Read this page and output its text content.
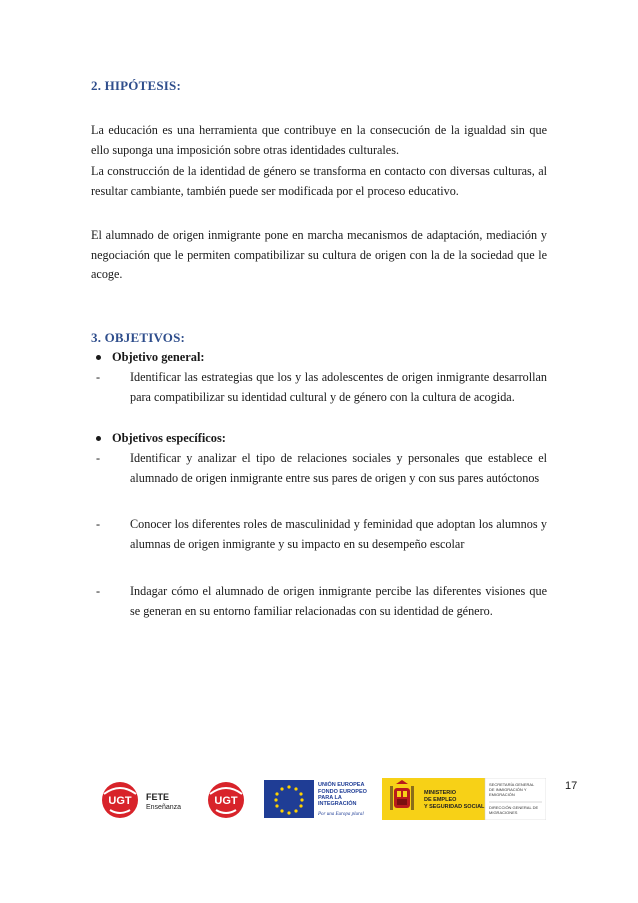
2. HIPÓTESIS:
La educación es una herramienta que contribuye en la consecución de la igualdad sin que ello suponga una imposición sobre otras identidades culturales.
La construcción de la identidad de género se transforma en contacto con diversas culturas, al resultar cambiante, también puede ser modificada por el proceso educativo.
El alumnado de origen inmigrante pone en marcha mecanismos de adaptación, mediación y negociación que le permiten compatibilizar su cultura de origen con la de la sociedad que le acoge.
3. OBJETIVOS:
Objetivo general:
- Identificar las estrategias que los y las adolescentes de origen inmigrante desarrollan para compatibilizar su identidad cultural y de género con la cultura de acogida.
Objetivos específicos:
- Identificar y analizar el tipo de relaciones sociales y personales que establece el alumnado de origen inmigrante entre sus pares de origen y con sus pares autóctonos
- Conocer los diferentes roles de masculinidad y feminidad que adoptan los alumnos y alumnas de origen inmigrante y su impacto en su desempeño escolar
- Indagar cómo el alumnado de origen inmigrante percibe las diferentes visiones que se generan en su entorno familiar relacionadas con su identidad de género.
17
UGT FETE
Enseñanza
UGT
UNIÓN EUROPEA
FONDO EUROPEO
PARA LA
INTEGRACIÓN
Por una Europa plural
MINISTERIO
DE EMPLEO
Y SEGURIDAD SOCIAL
SECRETARÍA GENERAL
DE INMIGRACIÓN Y
EMIGRACIÓN
DIRECCIÓN GENERAL DE
MIGRACIONES
